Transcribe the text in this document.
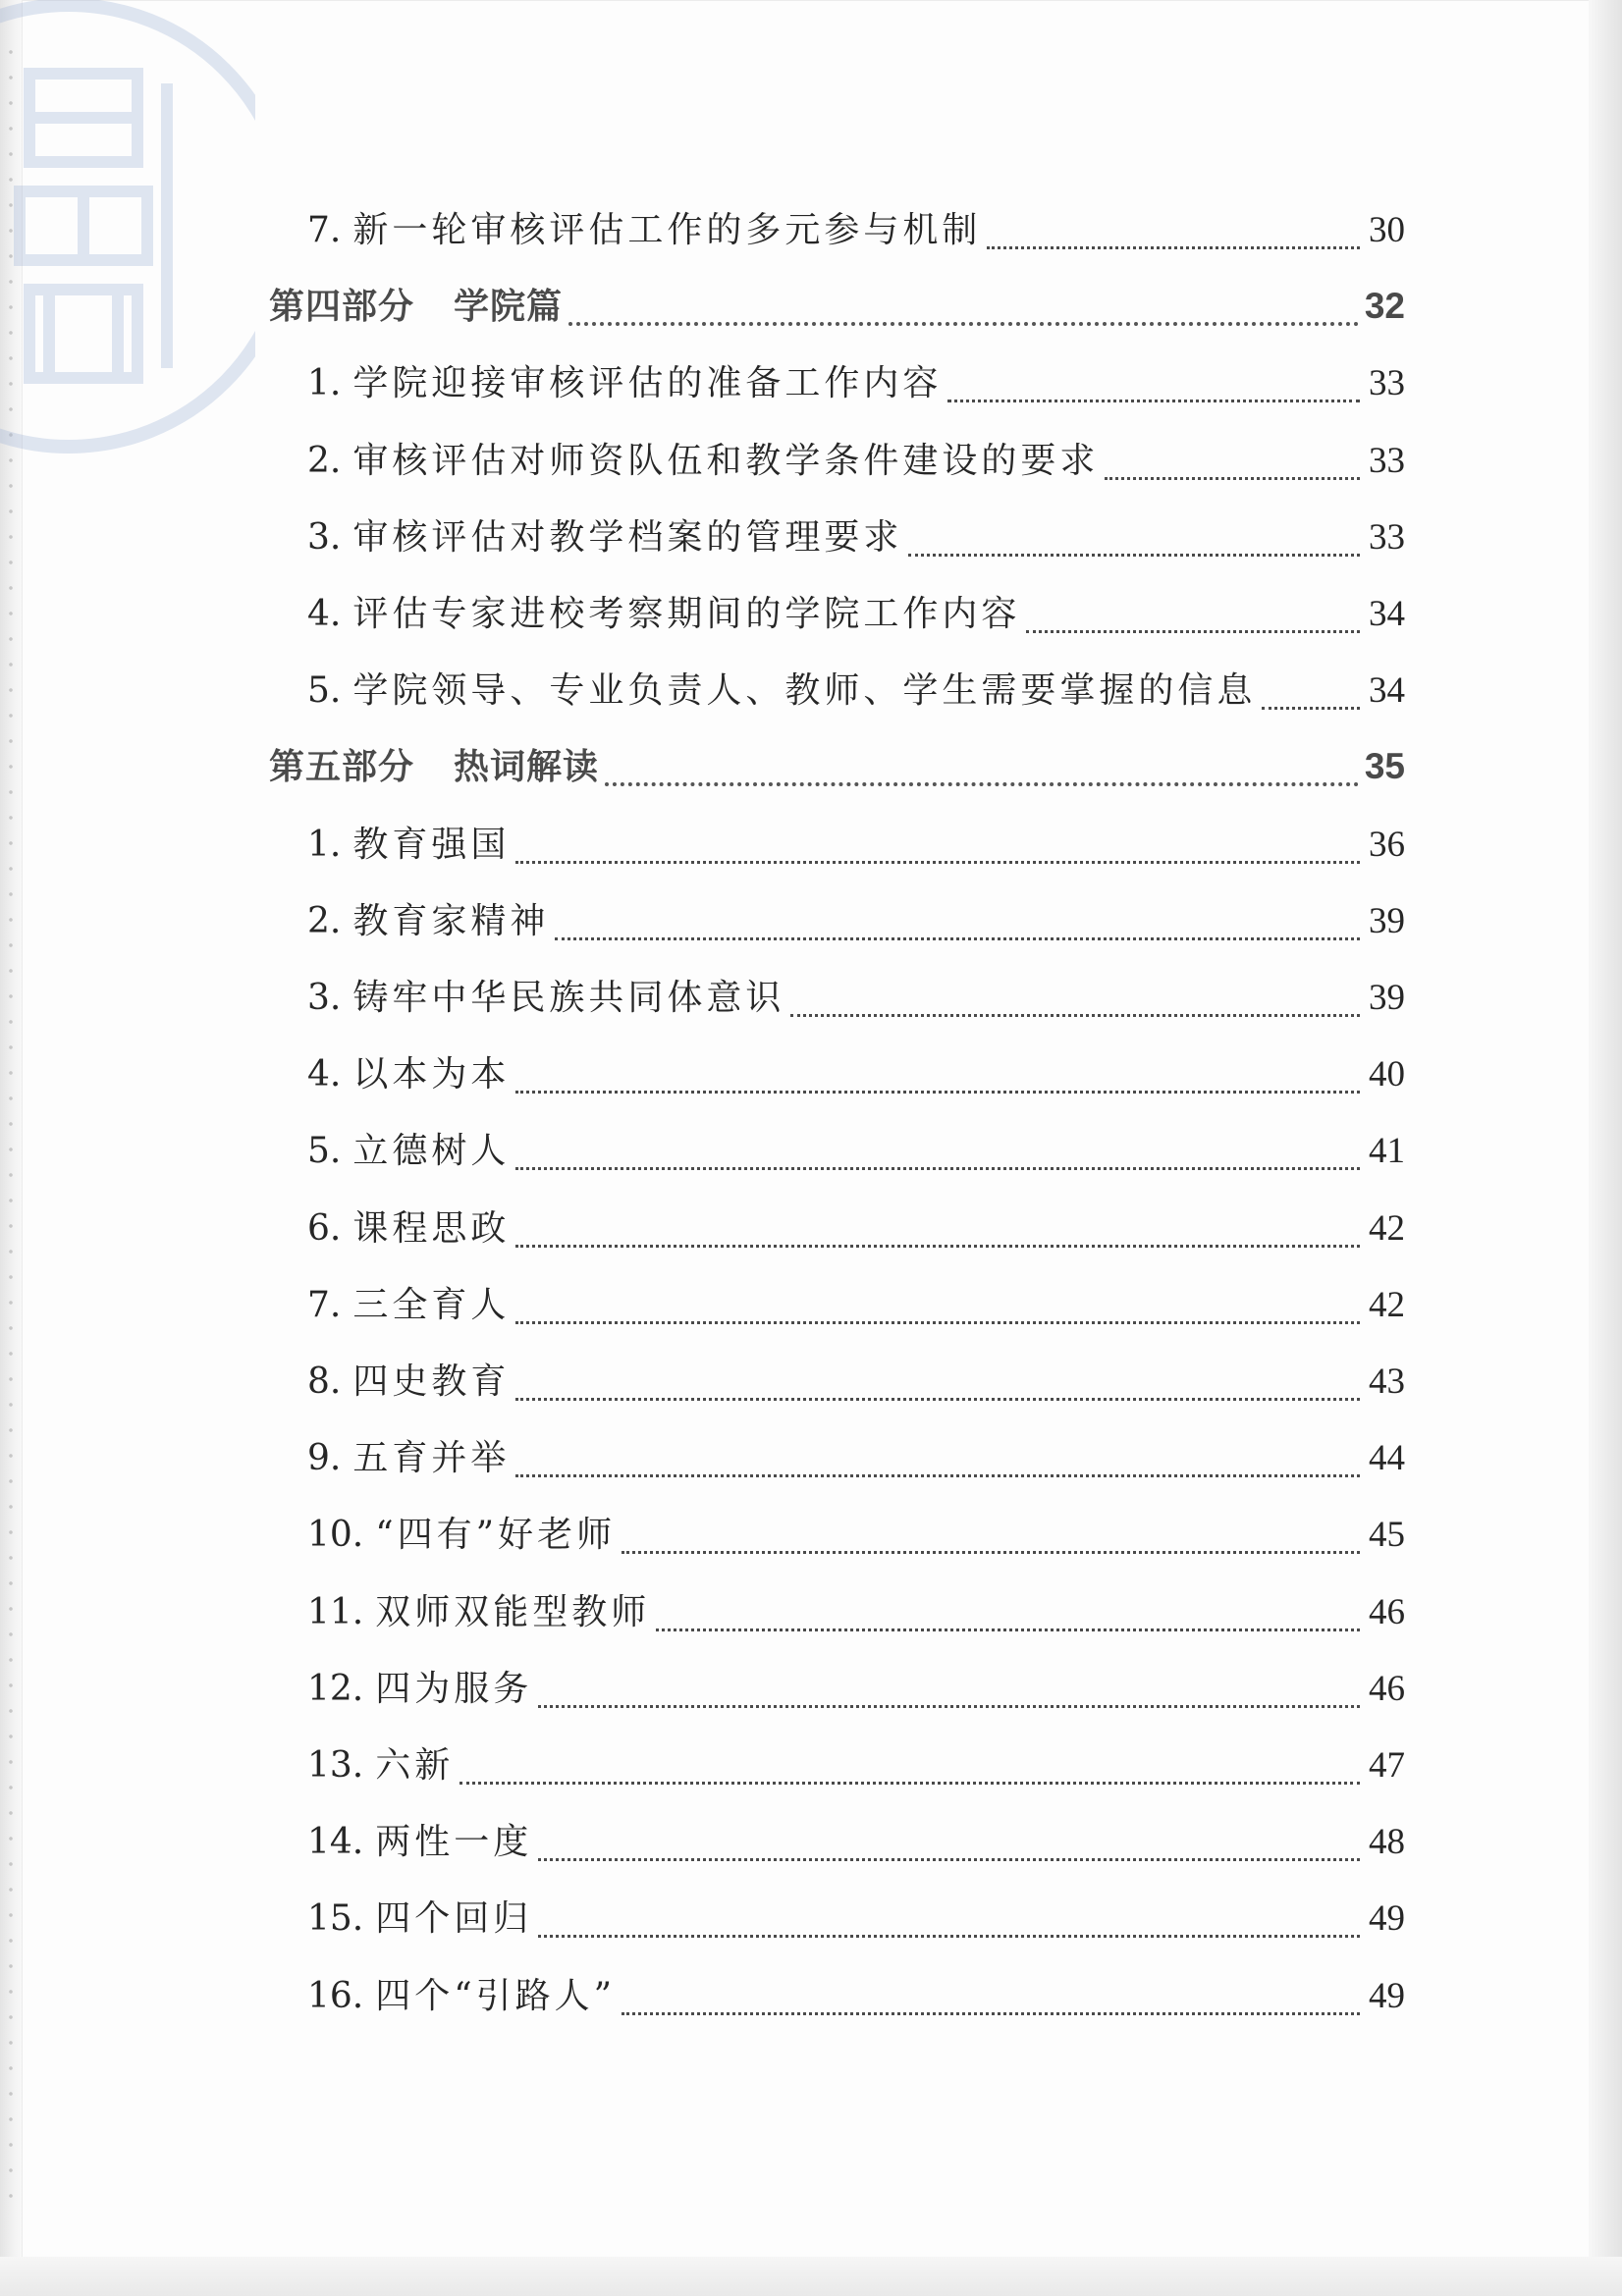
7. 新一轮审核评估工作的多元参与机制	30
第四部分 学院篇	32
1. 学院迎接审核评估的准备工作内容	33
2. 审核评估对师资队伍和教学条件建设的要求	33
3. 审核评估对教学档案的管理要求	33
4. 评估专家进校考察期间的学院工作内容	34
5. 学院领导、专业负责人、教师、学生需要掌握的信息	34
第五部分 热词解读	35
1. 教育强国	36
2. 教育家精神	39
3. 铸牢中华民族共同体意识	39
4. 以本为本	40
5. 立德树人	41
6. 课程思政	42
7. 三全育人	42
8. 四史教育	43
9. 五育并举	44
10. “四有”好老师	45
11. 双师双能型教师	46
12. 四为服务	46
13. 六新	47
14. 两性一度	48
15. 四个回归	49
16. 四个“引路人”	49
